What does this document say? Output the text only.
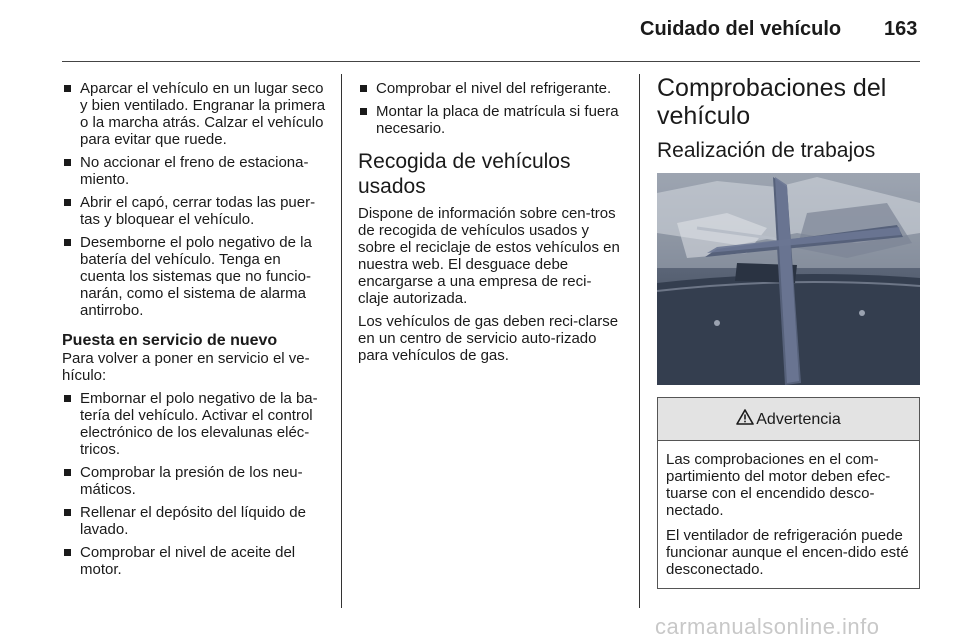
Cuidado del vehículo 163
Aparcar el vehículo en un lugar seco y bien ventilado. Engranar la primera o la marcha atrás. Calzar el vehículo para evitar que ruede.
No accionar el freno de estaciona-miento.
Abrir el capó, cerrar todas las puer-tas y bloquear el vehículo.
Desemborne el polo negativo de la batería del vehículo. Tenga en cuenta los sistemas que no funcio-narán, como el sistema de alarma antirrobo.
Puesta en servicio de nuevo

Para volver a poner en servicio el ve-hículo:

Embornar el polo negativo de la ba-tería del vehículo. Activar el control electrónico de los elevalunas eléc-tricos.
Comprobar la presión de los neu-máticos.
Rellenar el depósito del líquido de lavado.
Comprobar el nivel de aceite del motor.
Comprobar el nivel del refrigerante.
Montar la placa de matrícula si fuera necesario.
Recogida de vehículos usados

Dispone de información sobre cen-tros de recogida de vehículos usados y sobre el reciclaje de estos vehículos en nuestra web. El desguace debe encargarse a una empresa de reci-claje autorizada.

Los vehículos de gas deben reci-clarse en un centro de servicio auto-rizado para vehículos de gas.

Comprobaciones del vehículo
Realización de trabajos
Advertencia

Las comprobaciones en el com-partimiento del motor deben efec-tuarse con el encendido desco-nectado.

El ventilador de refrigeración puede funcionar aunque el encen-dido esté desconectado.

carmanualsonline.info
